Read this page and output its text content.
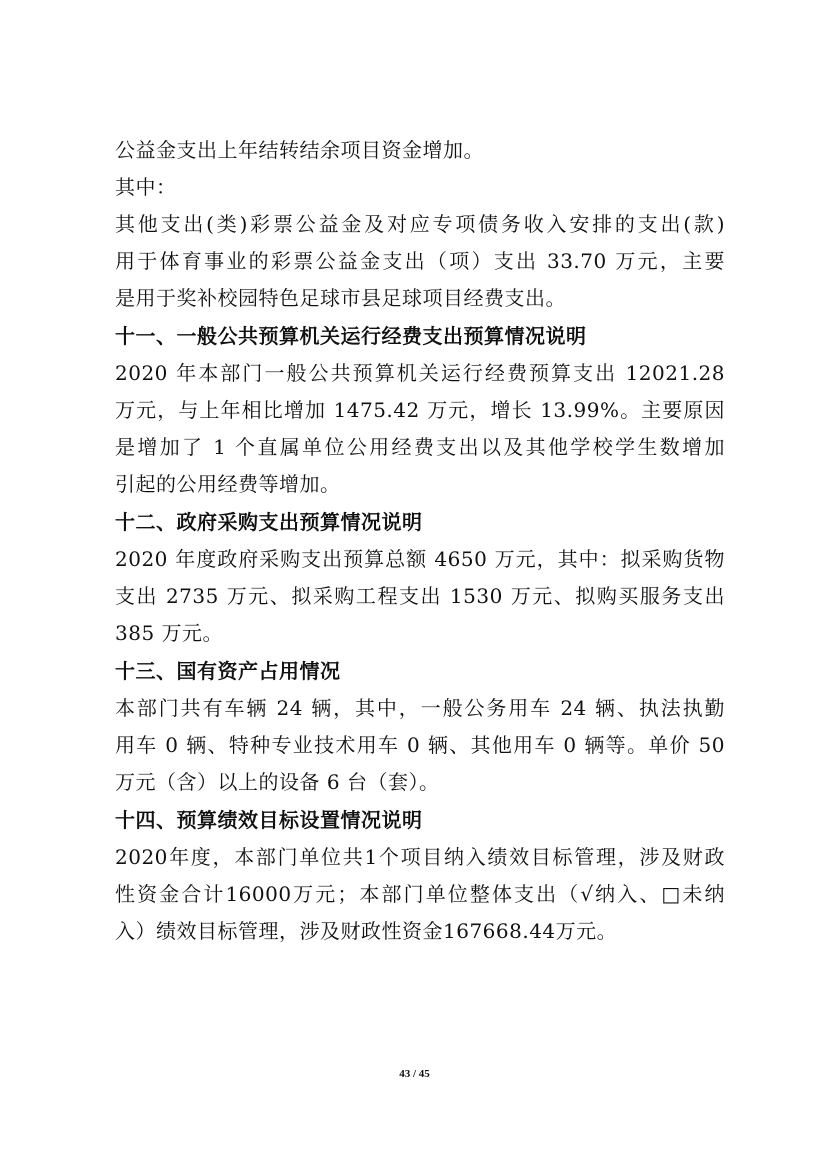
公益金支出上年结转结余项目资金增加。
其中：
其他支出(类)彩票公益金及对应专项债务收入安排的支出(款)
用于体育事业的彩票公益金支出（项）支出 33.70 万元，主要
是用于奖补校园特色足球市县足球项目经费支出。
十一、一般公共预算机关运行经费支出预算情况说明
2020 年本部门一般公共预算机关运行经费预算支出 12021.28
万元，与上年相比增加 1475.42 万元，增长 13.99%。主要原因
是增加了 1 个直属单位公用经费支出以及其他学校学生数增加
引起的公用经费等增加。
十二、政府采购支出预算情况说明
2020 年度政府采购支出预算总额 4650 万元，其中：拟采购货物
支出 2735 万元、拟采购工程支出 1530 万元、拟购买服务支出
385 万元。
十三、国有资产占用情况
本部门共有车辆 24 辆，其中，一般公务用车 24 辆、执法执勤
用车 0 辆、特种专业技术用车 0 辆、其他用车 0 辆等。单价 50
万元（含）以上的设备 6 台（套）。
十四、预算绩效目标设置情况说明
2020年度，本部门单位共1个项目纳入绩效目标管理，涉及财政
性资金合计16000万元；本部门单位整体支出（√纳入、□未纳
入）绩效目标管理，涉及财政性资金167668.44万元。
43 / 45
